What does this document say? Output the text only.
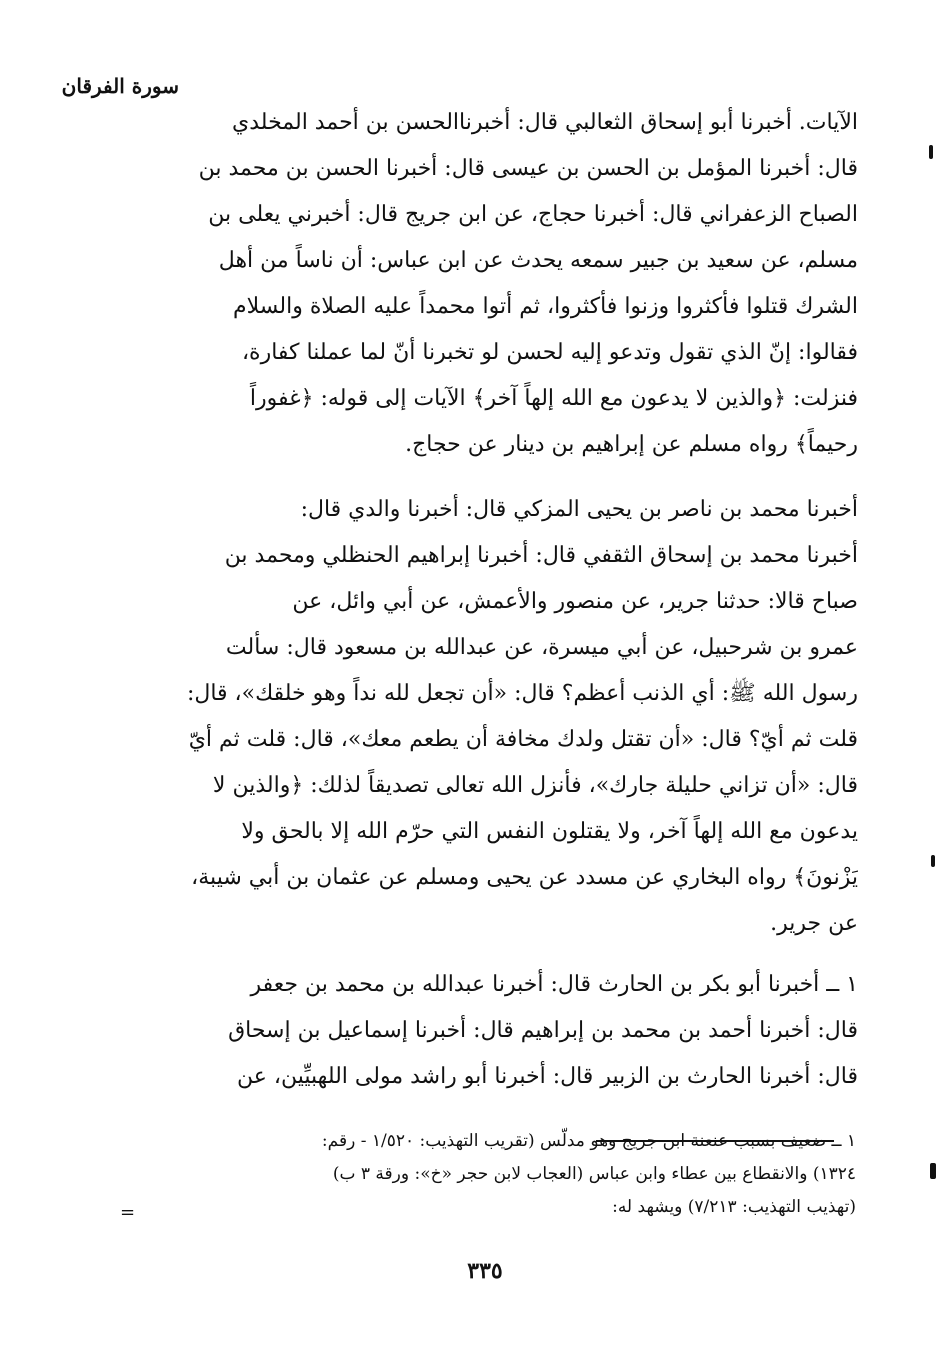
سورة الفرقان
الآيات. أخبرنا أبو إسحاق الثعالبي قال: أخبرناالحسن بن أحمد المخلدي
قال: أخبرنا المؤمل بن الحسن بن عيسى قال: أخبرنا الحسن بن محمد بن
الصباح الزعفراني قال: أخبرنا حجاج، عن ابن جريج قال: أخبرني يعلى بن
مسلم، عن سعيد بن جبير سمعه يحدث عن ابن عباس: أن ناساً من أهل
الشرك قتلوا فأكثروا وزنوا فأكثروا، ثم أتوا محمداً عليه الصلاة والسلام
فقالوا: إنّ الذي تقول وتدعو إليه لحسن لو تخبرنا أنّ لما عملنا كفارة،
فنزلت: ﴿والذين لا يدعون مع الله إلهاً آخر﴾ الآيات إلى قوله: ﴿غفوراً
رحيماً﴾ رواه مسلم عن إبراهيم بن دينار عن حجاج.
أخبرنا محمد بن ناصر بن يحيى المزكي قال: أخبرنا والدي قال:
أخبرنا محمد بن إسحاق الثقفي قال: أخبرنا إبراهيم الحنظلي ومحمد بن
صباح قالا: حدثنا جرير، عن منصور والأعمش، عن أبي وائل، عن
عمرو بن شرحبيل، عن أبي ميسرة، عن عبدالله بن مسعود قال: سألت
رسول الله ﷺ: أي الذنب أعظم؟ قال: «أن تجعل لله نداً وهو خلقك»، قال:
قلت ثم أيّ؟ قال: «أن تقتل ولدك مخافة أن يطعم معك»، قال: قلت ثم أيّ
قال: «أن تزاني حليلة جارك»، فأنزل الله تعالى تصديقاً لذلك: ﴿والذين لا
يدعون مع الله إلهاً آخر، ولا يقتلون النفس التي حرّم الله إلا بالحق ولا
يَزْنونَ﴾ رواه البخاري عن مسدد عن يحيى ومسلم عن عثمان بن أبي شيبة،
عن جرير.
١ ــ أخبرنا أبو بكر بن الحارث قال: أخبرنا عبدالله بن محمد بن جعفر
قال: أخبرنا أحمد بن محمد بن إبراهيم قال: أخبرنا إسماعيل بن إسحاق
قال: أخبرنا الحارث بن الزبير قال: أخبرنا أبو راشد مولى اللهبيِّين، عن
١ ــ ضعيف بسبب عنعنة ابن جريج وهو مدلّس (تقريب التهذيب: ١/٥٢٠ - رقم:
١٣٢٤) والانقطاع بين عطاء وابن عباس (العجاب لابن حجر «خ»: ورقة ٣ ب)
(تهذيب التهذيب: ٧/٢١٣) ويشهد له:
=
٣٣٥
